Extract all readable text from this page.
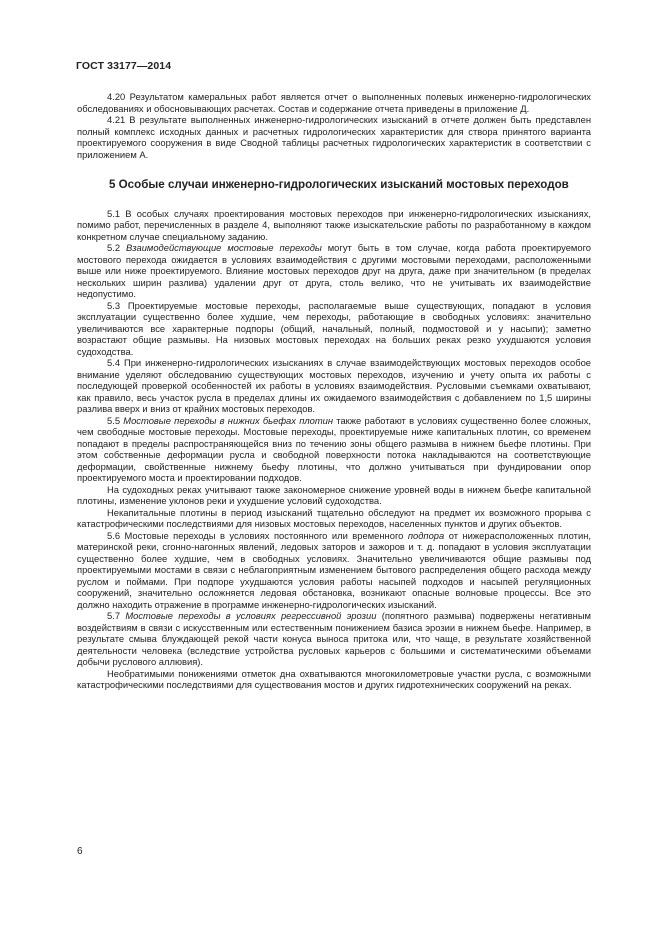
ГОСТ 33177—2014

4.20 Результатом камеральных работ является отчет о выполненных полевых инженерно-гидрологических обследованиях и обосновывающих расчетах. Состав и содержание отчета приведены в приложение Д.

4.21 В результате выполненных инженерно-гидрологических изысканий в отчете должен быть представлен полный комплекс исходных данных и расчетных гидрологических характеристик для створа принятого варианта проектируемого сооружения в виде Сводной таблицы расчетных гидрологических характеристик в соответствии с приложением А.

5 Особые случаи инженерно-гидрологических изысканий мостовых переходов

5.1 В особых случаях проектирования мостовых переходов при инженерно-гидрологических изысканиях, помимо работ, перечисленных в разделе 4, выполняют также изыскательские работы по разработанному в каждом конкретном случае специальному заданию.

5.2 Взаимодействующие мостовые переходы могут быть в том случае, когда работа проектируемого мостового перехода ожидается в условиях взаимодействия с другими мостовыми переходами, расположенными выше или ниже проектируемого. Влияние мостовых переходов друг на друга, даже при значительном (в пределах нескольких ширин разлива) удалении друг от друга, столь велико, что не учитывать их взаимодействие недопустимо.

5.3 Проектируемые мостовые переходы, располагаемые выше существующих, попадают в условия эксплуатации существенно более худшие, чем переходы, работающие в свободных условиях: значительно увеличиваются все характерные подпоры (общий, начальный, полный, подмостовой и у насыпи); заметно возрастают общие размывы. На низовых мостовых переходах на больших реках резко ухудшаются условия судоходства.

5.4 При инженерно-гидрологических изысканиях в случае взаимодействующих мостовых переходов особое внимание уделяют обследованию существующих мостовых переходов, изучению и учету опыта их работы с последующей проверкой особенностей их работы в условиях взаимодействия. Русловыми съемками охватывают, как правило, весь участок русла в пределах длины их ожидаемого взаимодействия с добавлением по 1,5 ширины разлива вверх и вниз от крайних мостовых переходов.

5.5 Мостовые переходы в нижних бьефах плотин также работают в условиях существенно более сложных, чем свободные мостовые переходы. Мостовые переходы, проектируемые ниже капитальных плотин, со временем попадают в пределы распространяющейся вниз по течению зоны общего размыва в нижнем бьефе плотины. При этом собственные деформации русла и свободной поверхности потока накладываются на соответствующие деформации, свойственные нижнему бьефу плотины, что должно учитываться при фундировании опор проектируемого моста и проектировании подходов.

На судоходных реках учитывают также закономерное снижение уровней воды в нижнем бьефе капитальной плотины, изменение уклонов реки и ухудшение условий судоходства.

Некапитальные плотины в период изысканий тщательно обследуют на предмет их возможного прорыва с катастрофическими последствиями для низовых мостовых переходов, населенных пунктов и других объектов.

5.6 Мостовые переходы в условиях постоянного или временного подпора от нижерасположенных плотин, материнской реки, сгонно-нагонных явлений, ледовых заторов и зажоров и т. д. попадают в условия эксплуатации существенно более худшие, чем в свободных условиях. Значительно увеличиваются общие размывы под проектируемыми мостами в связи с неблагоприятным изменением бытового распределения общего расхода между руслом и поймами. При подпоре ухудшаются условия работы насыпей подходов и насыпей регуляционных сооружений, значительно осложняется ледовая обстановка, возникают опасные волновые процессы. Все это должно находить отражение в программе инженерно-гидрологических изысканий.

5.7 Мостовые переходы в условиях регрессивной эрозии (попятного размыва) подвержены негативным воздействиям в связи с искусственным или естественным понижением базиса эрозии в нижнем бьефе. Например, в результате смыва блуждающей рекой части конуса выноса притока или, что чаще, в результате хозяйственной деятельности человека (вследствие устройства русловых карьеров с большими и систематическими объемами добычи руслового аллювия).

Необратимыми понижениями отметок дна охватываются многокилометровые участки русла, с возможными катастрофическими последствиями для существования мостов и других гидротехнических сооружений на реках.

6
